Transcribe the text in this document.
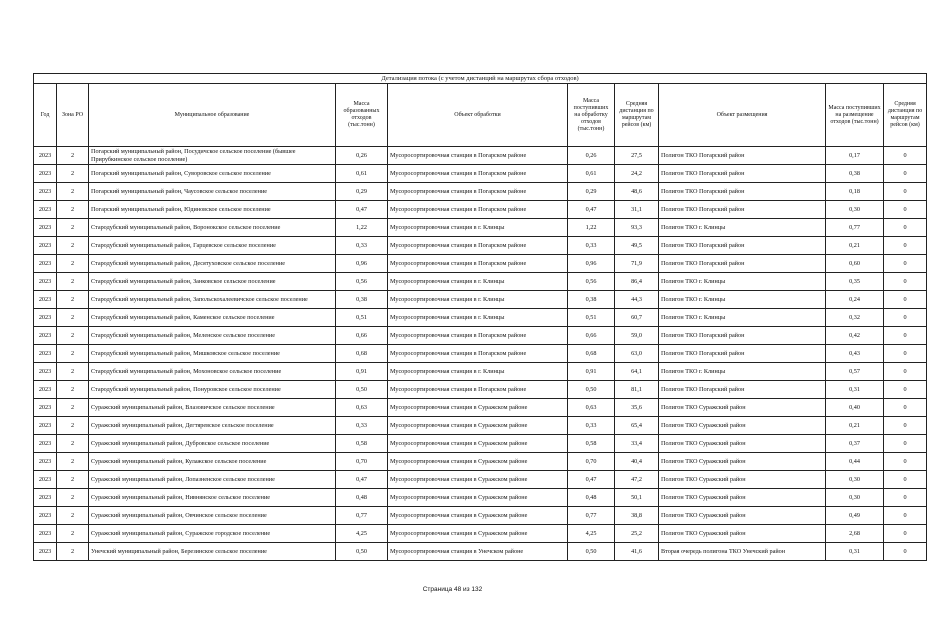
Детализация потока (с учетом дистанций на маршрутах сбора отходов)									
Год	Зона РО	Муниципальное образование	Масса образованных отходов (тыс.тонн)	Объект обработки	Масса поступивших на обработку отходов (тыс.тонн)	Средняя дистанция по маршрутам рейсов (км)	Объект размещения	Масса поступивших на размещение отходов (тыс.тонн)	Средняя дистанция по маршрутам рейсов (км)
2023	2	Погарский муниципальный район, Посудичское сельское поселение (бывшее Прирубкинское сельское поселение)	0,26	Мусоросортировочная станция в Погарском районе	0,26	27,5	Полигон ТКО Погарский район	0,17	0
2023	2	Погарский муниципальный район, Суворовское сельское поселение	0,61	Мусоросортировочная станция в Погарском районе	0,61	24,2	Полигон ТКО Погарский район	0,38	0
2023	2	Погарский муниципальный район, Чаусовское сельское поселение	0,29	Мусоросортировочная станция в Погарском районе	0,29	48,6	Полигон ТКО Погарский район	0,18	0
2023	2	Погарский муниципальный район, Юдиновское сельское поселение	0,47	Мусоросортировочная станция в Погарском районе	0,47	31,1	Полигон ТКО Погарский район	0,30	0
2023	2	Стародубский муниципальный район, Воронокское сельское поселение	1,22	Мусоросортировочная станция в г. Клинцы	1,22	93,3	Полигон ТКО г. Клинцы	0,77	0
2023	2	Стародубский муниципальный район, Гарцевское сельское поселение	0,33	Мусоросортировочная станция в Погарском районе	0,33	49,5	Полигон ТКО Погарский район	0,21	0
2023	2	Стародубский муниципальный район, Десятуховское сельское поселение	0,96	Мусоросортировочная станция в Погарском районе	0,96	71,9	Полигон ТКО Погарский район	0,60	0
2023	2	Стародубский муниципальный район, Занковское сельское поселение	0,56	Мусоросортировочная станция в г. Клинцы	0,56	86,4	Полигон ТКО г. Клинцы	0,35	0
2023	2	Стародубский муниципальный район, Запольскохалеевичское сельское поселение	0,38	Мусоросортировочная станция в г. Клинцы	0,38	44,3	Полигон ТКО г. Клинцы	0,24	0
2023	2	Стародубский муниципальный район, Каменское сельское поселение	0,51	Мусоросортировочная станция в г. Клинцы	0,51	60,7	Полигон ТКО г. Клинцы	0,32	0
2023	2	Стародубский муниципальный район, Меленское сельское поселение	0,66	Мусоросортировочная станция в Погарском районе	0,66	59,0	Полигон ТКО Погарский район	0,42	0
2023	2	Стародубский муниципальный район, Мишковское сельское поселение	0,68	Мусоросортировочная станция в Погарском районе	0,68	63,0	Полигон ТКО Погарский район	0,43	0
2023	2	Стародубский муниципальный район, Мохоновское сельское поселение	0,91	Мусоросортировочная станция в г. Клинцы	0,91	64,1	Полигон ТКО г. Клинцы	0,57	0
2023	2	Стародубский муниципальный район, Понуровское сельское поселение	0,50	Мусоросортировочная станция в Погарском районе	0,50	81,1	Полигон ТКО Погарский район	0,31	0
2023	2	Суражский муниципальный район, Влазовичское сельское поселение	0,63	Мусоросортировочная станция в Суражском районе	0,63	35,6	Полигон ТКО Суражский район	0,40	0
2023	2	Суражский муниципальный район, Дегтяревское сельское поселение	0,33	Мусоросортировочная станция в Суражском районе	0,33	65,4	Полигон ТКО Суражский район	0,21	0
2023	2	Суражский муниципальный район, Дубровское сельское поселение	0,58	Мусоросортировочная станция в Суражском районе	0,58	33,4	Полигон ТКО Суражский район	0,37	0
2023	2	Суражский муниципальный район, Кулажское сельское поселение	0,70	Мусоросортировочная станция в Суражском районе	0,70	40,4	Полигон ТКО Суражский район	0,44	0
2023	2	Суражский муниципальный район, Лопазненское сельское поселение	0,47	Мусоросортировочная станция в Суражском районе	0,47	47,2	Полигон ТКО Суражский район	0,30	0
2023	2	Суражский муниципальный район, Нивнянское сельское поселение	0,48	Мусоросортировочная станция в Суражском районе	0,48	50,1	Полигон ТКО Суражский район	0,30	0
2023	2	Суражский муниципальный район, Овчинское сельское поселение	0,77	Мусоросортировочная станция в Суражском районе	0,77	38,8	Полигон ТКО Суражский район	0,49	0
2023	2	Суражский муниципальный район, Суражское городское поселение	4,25	Мусоросортировочная станция в Суражском районе	4,25	25,2	Полигон ТКО Суражский район	2,68	0
2023	2	Унечский муниципальный район, Березинское сельское поселение	0,50	Мусоросортировочная станция в Унечском районе	0,50	41,6	Вторая очередь полигона ТКО Унечский район	0,31	0
Страница 48 из 132
